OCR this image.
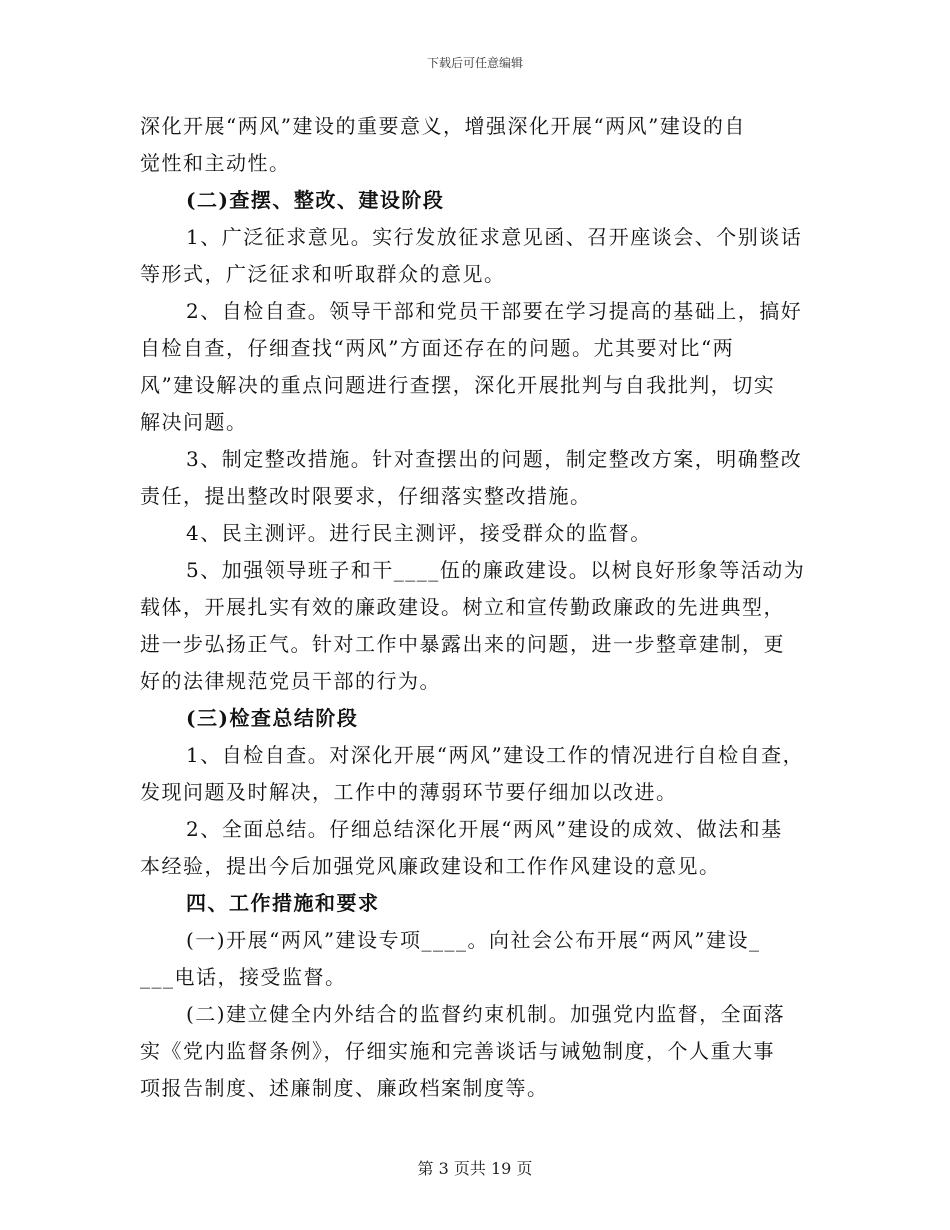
下载后可任意编辑
深化开展“两风”建设的重要意义，增强深化开展“两风”建设的自
觉性和主动性。
(二)查摆、整改、建设阶段
1、广泛征求意见。实行发放征求意见函、召开座谈会、个别谈话
等形式，广泛征求和听取群众的意见。
2、自检自查。领导干部和党员干部要在学习提高的基础上，搞好
自检自查，仔细查找“两风”方面还存在的问题。尤其要对比“两
风”建设解决的重点问题进行查摆，深化开展批判与自我批判，切实
解决问题。
3、制定整改措施。针对查摆出的问题，制定整改方案，明确整改
责任，提出整改时限要求，仔细落实整改措施。
4、民主测评。进行民主测评，接受群众的监督。
5、加强领导班子和干____伍的廉政建设。以树良好形象等活动为
载体，开展扎实有效的廉政建设。树立和宣传勤政廉政的先进典型，
进一步弘扬正气。针对工作中暴露出来的问题，进一步整章建制，更
好的法律规范党员干部的行为。
(三)检查总结阶段
1、自检自查。对深化开展“两风”建设工作的情况进行自检自查，
发现问题及时解决，工作中的薄弱环节要仔细加以改进。
2、全面总结。仔细总结深化开展“两风”建设的成效、做法和基
本经验，提出今后加强党风廉政建设和工作作风建设的意见。
四、工作措施和要求
(一)开展“两风”建设专项____。向社会公布开展“两风”建设_
___电话，接受监督。
(二)建立健全内外结合的监督约束机制。加强党内监督，全面落
实《党内监督条例》，仔细实施和完善谈话与诫勉制度，个人重大事
项报告制度、述廉制度、廉政档案制度等。
第 3 页共 19 页
